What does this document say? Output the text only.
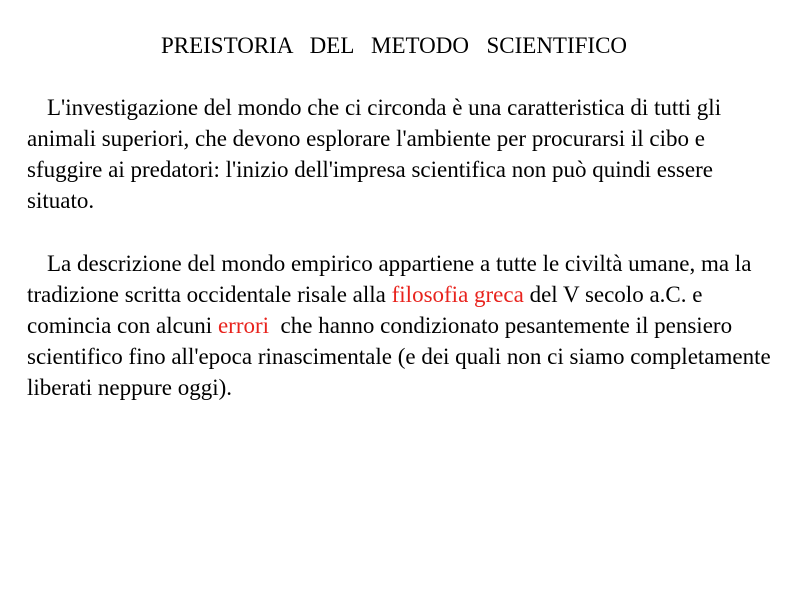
PREISTORIA  DEL  METODO  SCIENTIFICO

L'investigazione del mondo che ci circonda è una caratteristica di tutti gli animali superiori, che devono esplorare l'ambiente per procurarsi il cibo e sfuggire ai predatori: l'inizio dell'impresa scientifica non può quindi essere situato.

La descrizione del mondo empirico appartiene a tutte le civiltà umane, ma la tradizione scritta occidentale risale alla filosofia greca del V secolo a.C. e comincia con alcuni errori  che hanno condizionato pesantemente il pensiero scientifico fino all'epoca rinascimentale (e dei quali non ci siamo completamente liberati neppure oggi).
